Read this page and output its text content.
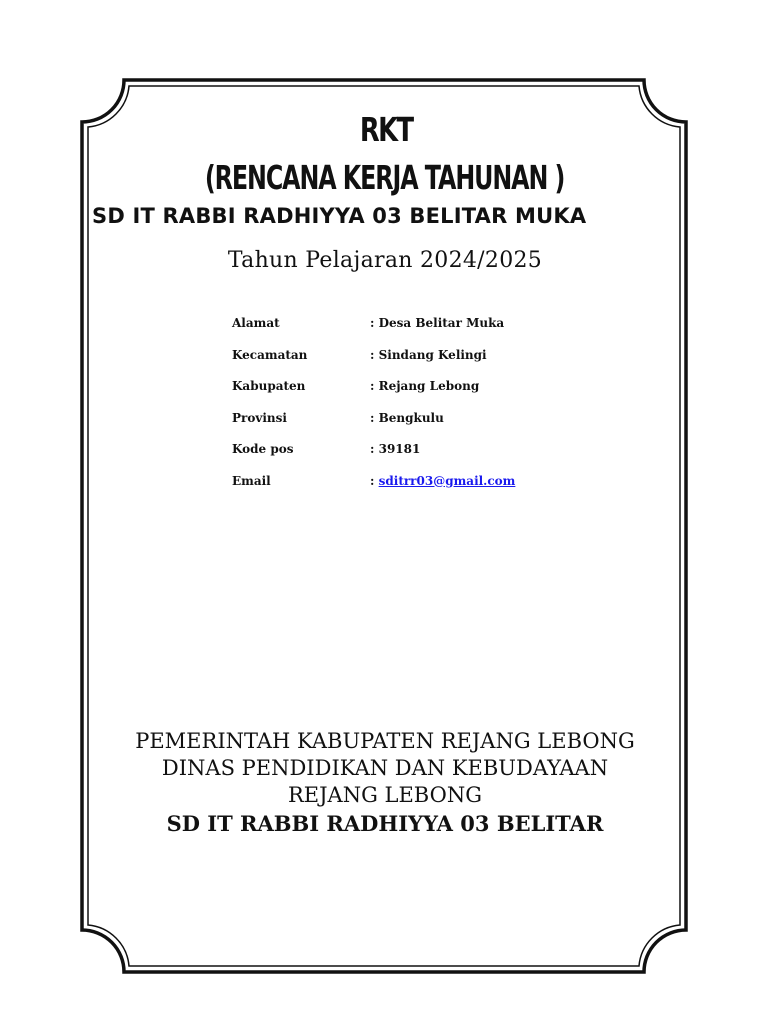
RKT
(RENCANA KERJA TAHUNAN )
SD IT RABBI RADHIYYA 03 BELITAR MUKA
Tahun Pelajaran 2024/2025
Alamat	: Desa Belitar Muka
Kecamatan	: Sindang Kelingi
Kabupaten	: Rejang Lebong
Provinsi	: Bengkulu
Kode pos	: 39181
Email	: sditrr03@gmail.com
PEMERINTAH KABUPATEN REJANG LEBONG
DINAS PENDIDIKAN DAN KEBUDAYAAN
REJANG LEBONG
SD IT RABBI RADHIYYA 03 BELITAR
